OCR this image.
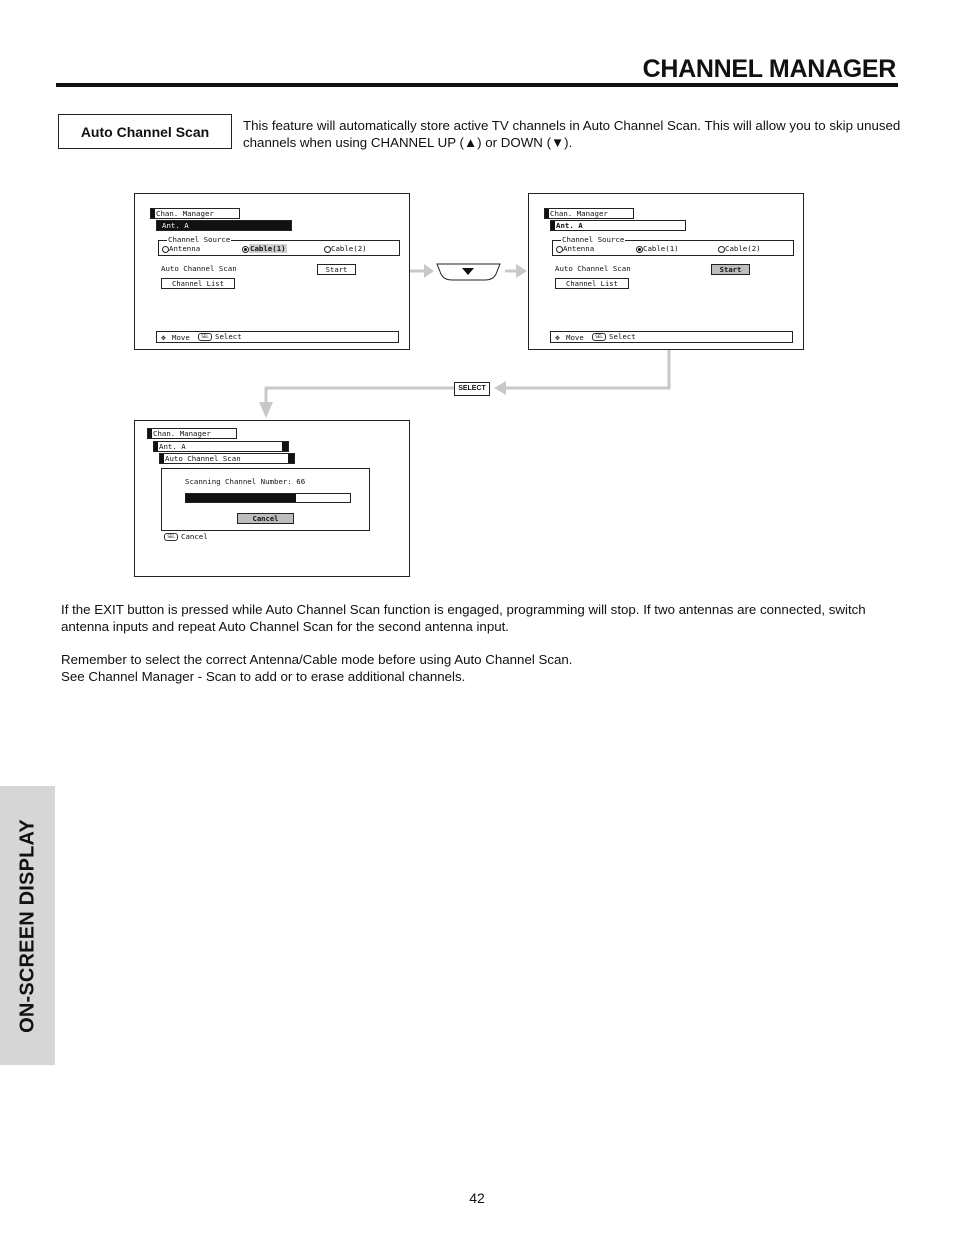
CHANNEL MANAGER
Auto Channel Scan	This feature will automatically store active TV channels in Auto Channel Scan. This will allow you to skip unused channels when using CHANNEL UP (▲) or DOWN (▼).
SELECT
Chan. Manager
Ant. A
Channel Source
Antenna	Cable(1)	Cable(2)
Auto Channel Scan	Start
Channel List
✥ Move	SEL Select
Chan. Manager
Ant. A
Channel Source
Antenna	Cable(1)	Cable(2)
Auto Channel Scan	Start
Channel List
✥ Move	SEL Select
Chan. Manager
Ant. A
Auto Channel Scan
Scanning Channel Number: 66
Cancel
SEL Cancel

If the EXIT button is pressed while Auto Channel Scan function is engaged, programming will stop. If two antennas are connected, switch antenna inputs and repeat Auto Channel Scan for the second antenna input.

Remember to select the correct Antenna/Cable mode before using Auto Channel Scan.

See Channel Manager - Scan to add or to erase additional channels.

ON-SCREEN DISPLAY
42
